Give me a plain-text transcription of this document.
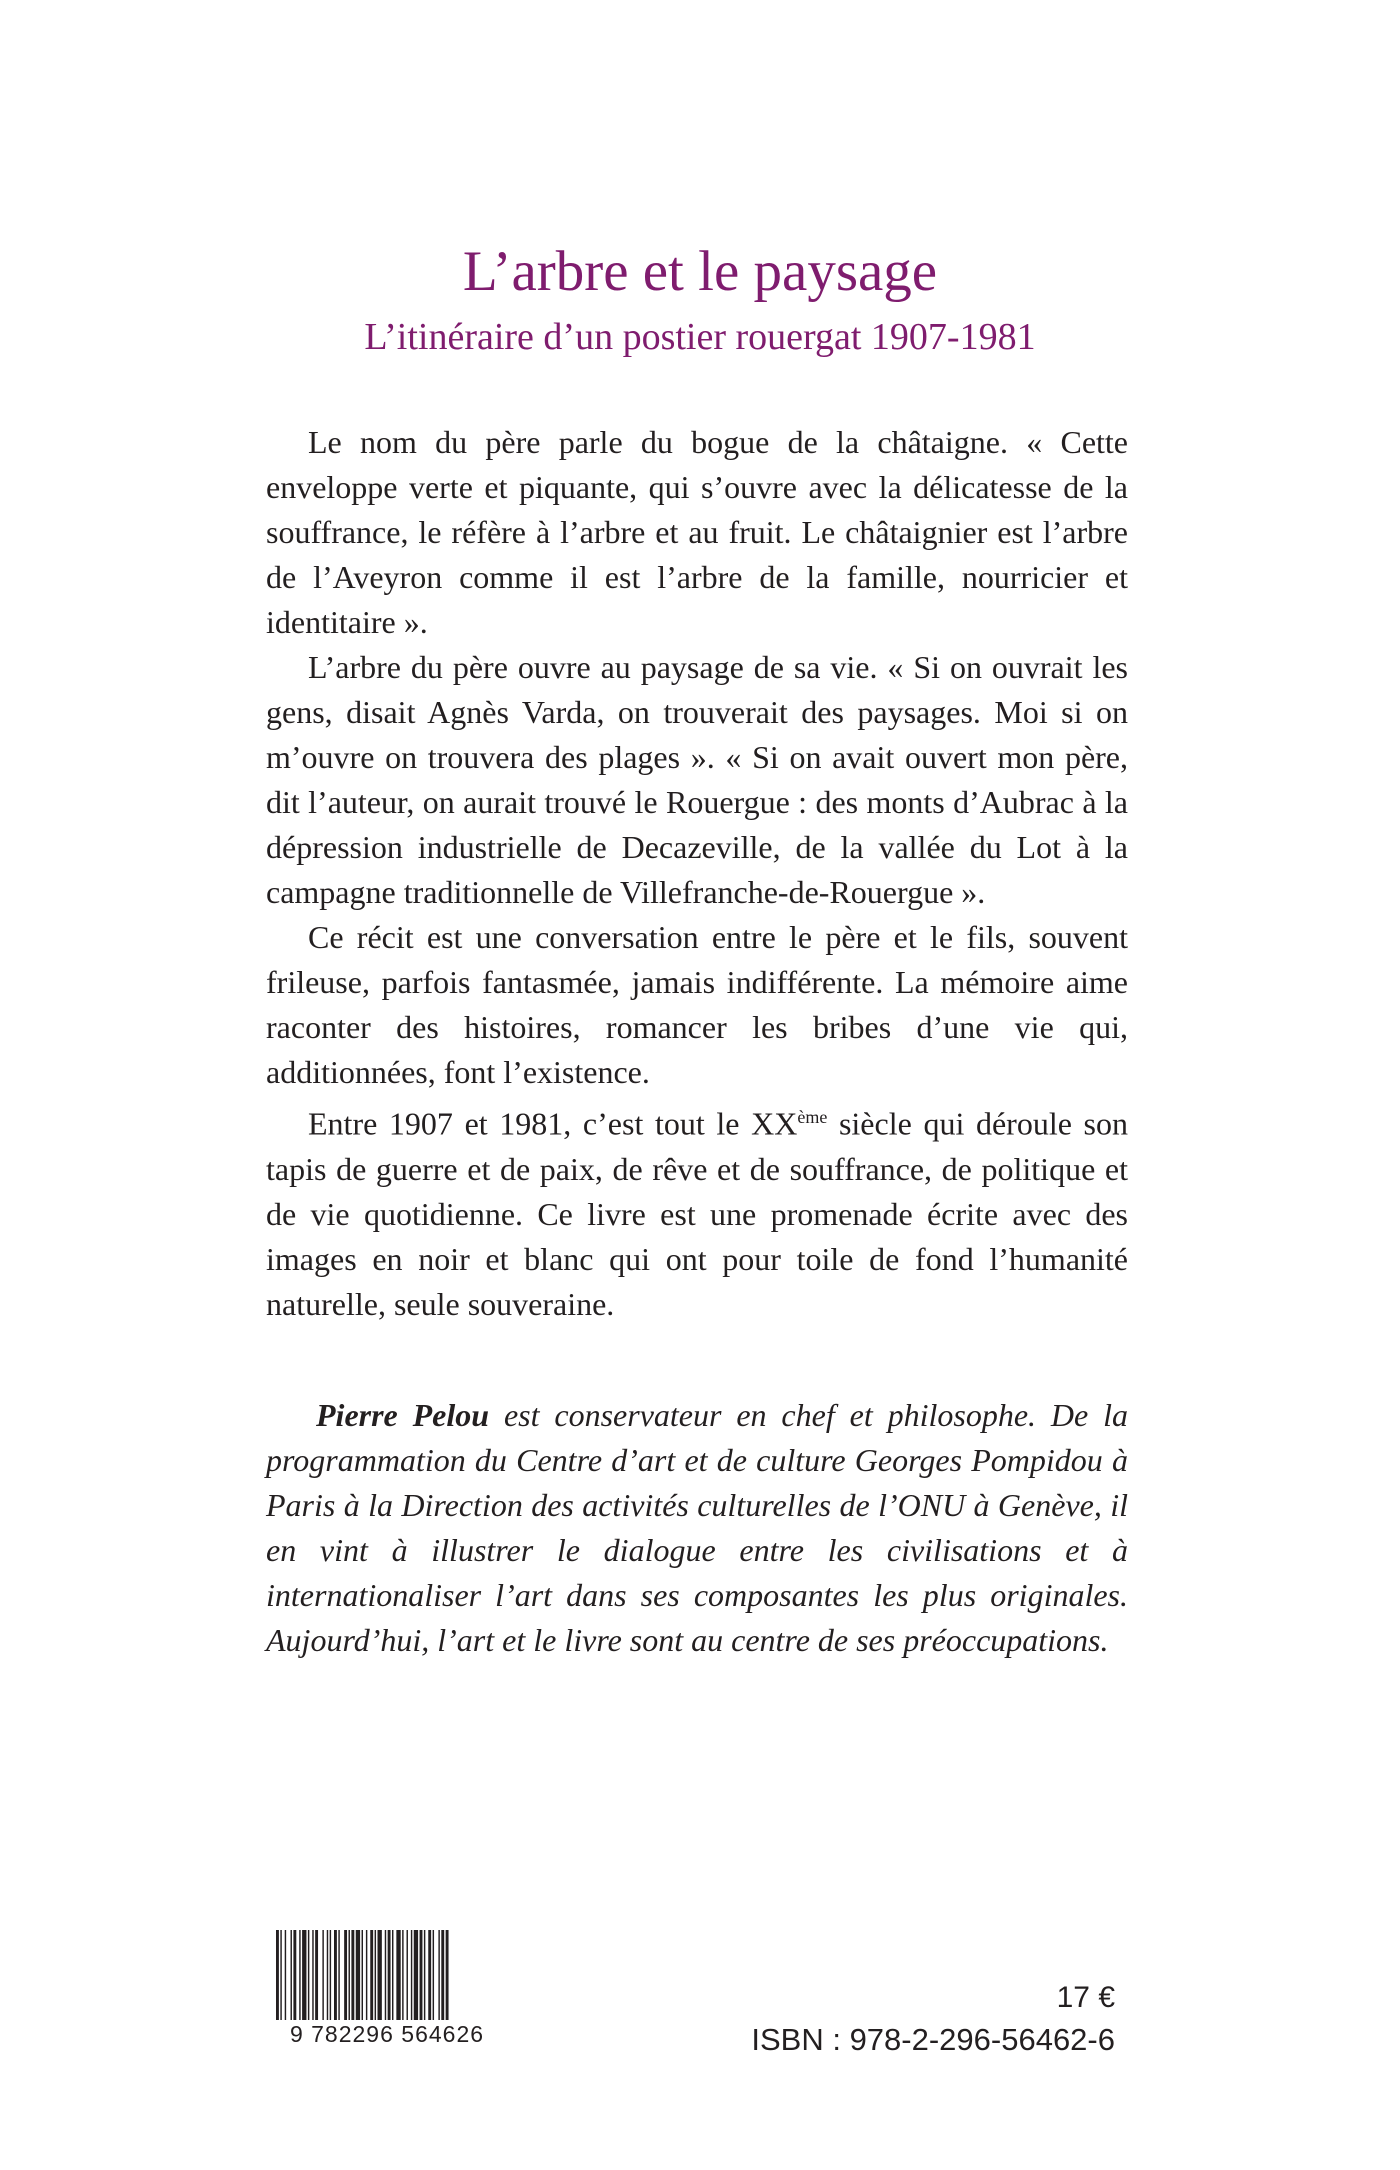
L’arbre et le paysage
L’itinéraire d’un postier rouergat 1907-1981

Le nom du père parle du bogue de la châtaigne. « Cette enveloppe verte et piquante, qui s’ouvre avec la délicatesse de la souffrance, le réfère à l’arbre et au fruit. Le châtaignier est l’arbre de l’Aveyron comme il est l’arbre de la famille, nourricier et identitaire ».

L’arbre du père ouvre au paysage de sa vie. « Si on ouvrait les gens, disait Agnès Varda, on trouverait des paysages. Moi si on m’ouvre on trouvera des plages ». « Si on avait ouvert mon père, dit l’auteur, on aurait trouvé le Rouergue : des monts d’Aubrac à la dépression industrielle de Decazeville, de la vallée du Lot à la campagne traditionnelle de Villefranche-de-Rouergue ».

Ce récit est une conversation entre le père et le fils, souvent frileuse, parfois fantasmée, jamais indifférente. La mémoire aime raconter des histoires, romancer les bribes d’une vie qui, additionnées, font l’existence.

Entre 1907 et 1981, c’est tout le XXème siècle qui déroule son tapis de guerre et de paix, de rêve et de souffrance, de politique et de vie quotidienne. Ce livre est une promenade écrite avec des images en noir et blanc qui ont pour toile de fond l’humanité naturelle, seule souveraine.

Pierre Pelou est conservateur en chef et philosophe. De la programmation du Centre d’art et de culture Georges Pompidou à Paris à la Direction des activités culturelles de l’ONU à Genève, il en vint à illustrer le dialogue entre les civilisations et à internationaliser l’art dans ses composantes les plus originales. Aujourd’hui, l’art et le livre sont au centre de ses préoccupations.

9 782296 564626
17 €
ISBN : 978-2-296-56462-6
